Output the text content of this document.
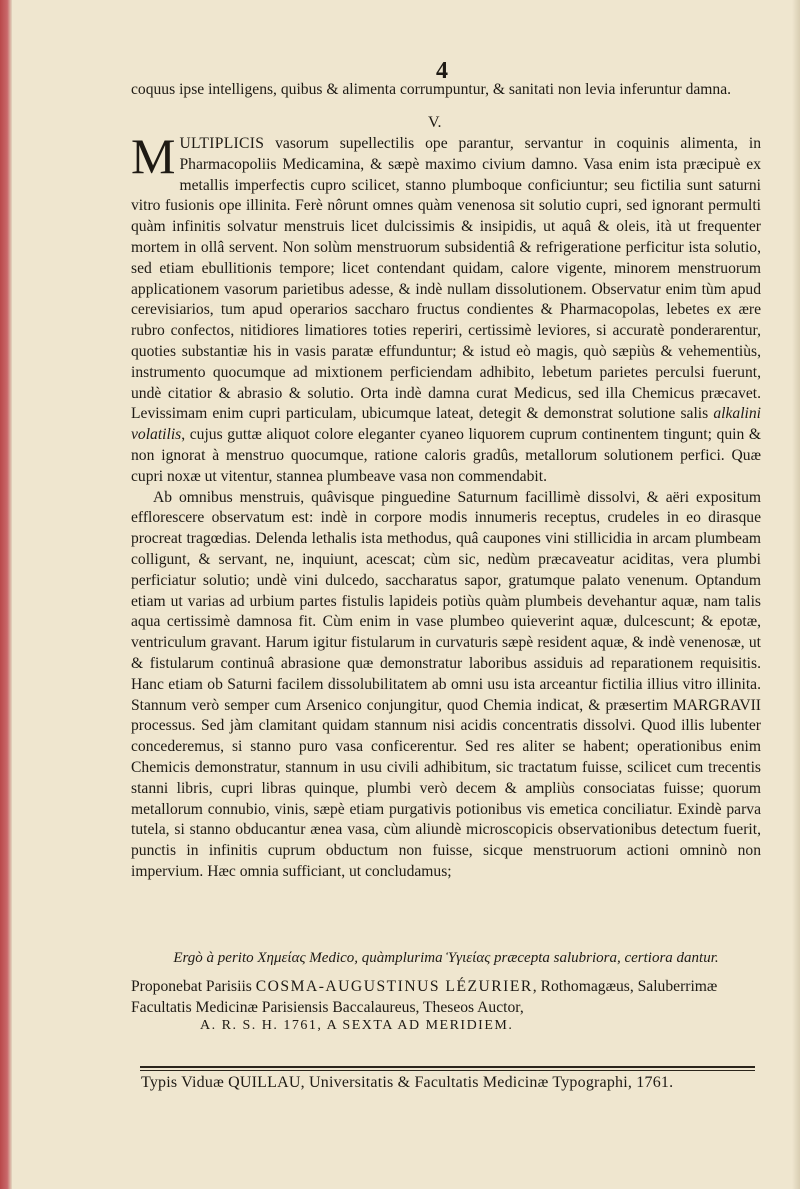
4

coquus ipse intelligens, quibus & alimenta corrumpuntur, & sanitati non levia inferuntur damna.

V.

MULTIPLICIS vasorum supellectilis ope parantur, servantur in coquinis alimenta, in Pharmacopoliis Medicamina, & sæpè maximo civium damno. Vasa enim ista præcipuè ex metallis imperfectis cupro scilicet, stanno plumboque conficiuntur; seu fictilia sunt saturni vitro fusionis ope illinita. Ferè nôrunt omnes quàm venenosa sit solutio cupri, sed ignorant permulti quàm infinitis solvatur menstruis licet dulcissimis & insipidis, ut aquâ & oleis, ità ut frequenter mortem in ollâ servent. Non solùm menstruorum subsidentiâ & refrigeratione perficitur ista solutio, sed etiam ebullitionis tempore; licet contendant quidam, calore vigente, minorem menstruorum applicationem vasorum parietibus adesse, & indè nullam dissolutionem. Observatur enim tùm apud cerevisiarios, tum apud operarios saccharo fructus condientes & Pharmacopolas, lebetes ex ære rubro confectos, nitidiores limatiores toties reperiri, certissimè leviores, si accuratè ponderarentur, quoties substantiæ his in vasis paratæ effunduntur; & istud eò magis, quò sæpiùs & vehementiùs, instrumento quocumque ad mixtionem perficiendam adhibito, lebetum parietes perculsi fuerunt, undè citatior & abrasio & solutio. Orta indè damna curat Medicus, sed illa Chemicus præcavet. Levissimam enim cupri particulam, ubicumque lateat, detegit & demonstrat solutione salis alkalini volatilis, cujus guttæ aliquot colore eleganter cyaneo liquorem cuprum continentem tingunt; quin & non ignorat à menstruo quocumque, ratione caloris gradûs, metallorum solutionem perfici. Quæ cupri noxæ ut vitentur, stannea plumbeave vasa non commendabit.

Ab omnibus menstruis, quâvisque pinguedine Saturnum facillimè dissolvi, & aëri expositum efflorescere observatum est: indè in corpore modis innumeris receptus, crudeles in eo dirasque procreat tragœdias. Delenda lethalis ista methodus, quâ caupones vini stillicidia in arcam plumbeam colligunt, & servant, ne, inquiunt, acescat; cùm sic, nedùm præcaveatur aciditas, vera plumbi perficiatur solutio; undè vini dulcedo, saccharatus sapor, gratumque palato venenum. Optandum etiam ut varias ad urbium partes fistulis lapideis potiùs quàm plumbeis devehantur aquæ, nam talis aqua certissimè damnosa fit. Cùm enim in vase plumbeo quieverint aquæ, dulcescunt; & epotæ, ventriculum gravant. Harum igitur fistularum in curvaturis sæpè resident aquæ, & indè venenosæ, ut & fistularum continuâ abrasione quæ demonstratur laboribus assiduis ad reparationem requisitis. Hanc etiam ob Saturni facilem dissolubilitatem ab omni usu ista arceantur fictilia illius vitro illinita. Stannum verò semper cum Arsenico conjungitur, quod Chemia indicat, & præsertim MARGRAVII processus. Sed jàm clamitant quidam stannum nisi acidis concentratis dissolvi. Quod illis lubenter concederemus, si stanno puro vasa conficerentur. Sed res aliter se habent; operationibus enim Chemicis demonstratur, stannum in usu civili adhibitum, sic tractatum fuisse, scilicet cum trecentis stanni libris, cupri libras quinque, plumbi verò decem & ampliùs consociatas fuisse; quorum metallorum connubio, vinis, sæpè etiam purgativis potionibus vis emetica conciliatur. Exindè parva tutela, si stanno obducantur ænea vasa, cùm aliundè microscopicis observationibus detectum fuerit, punctis in infinitis cuprum obductum non fuisse, sicque menstruorum actioni omninò non impervium. Hæc omnia sufficiant, ut concludamus;

Ergò à perito Χημείας Medico, quàmplurima Ὑγιείας præcepta salubriora, certiora dantur.
Proponebat Parisiis COSMA-AUGUSTINUS LÉZURIER, Rothomagæus, Saluberrimæ Facultatis Medicinæ Parisiensis Baccalaureus, Theseos Auctor,
A. R. S. H. 1761, A SEXTA AD MERIDIEM.
Typis Viduæ QUILLAU, Universitatis & Facultatis Medicinæ Typographi, 1761.
